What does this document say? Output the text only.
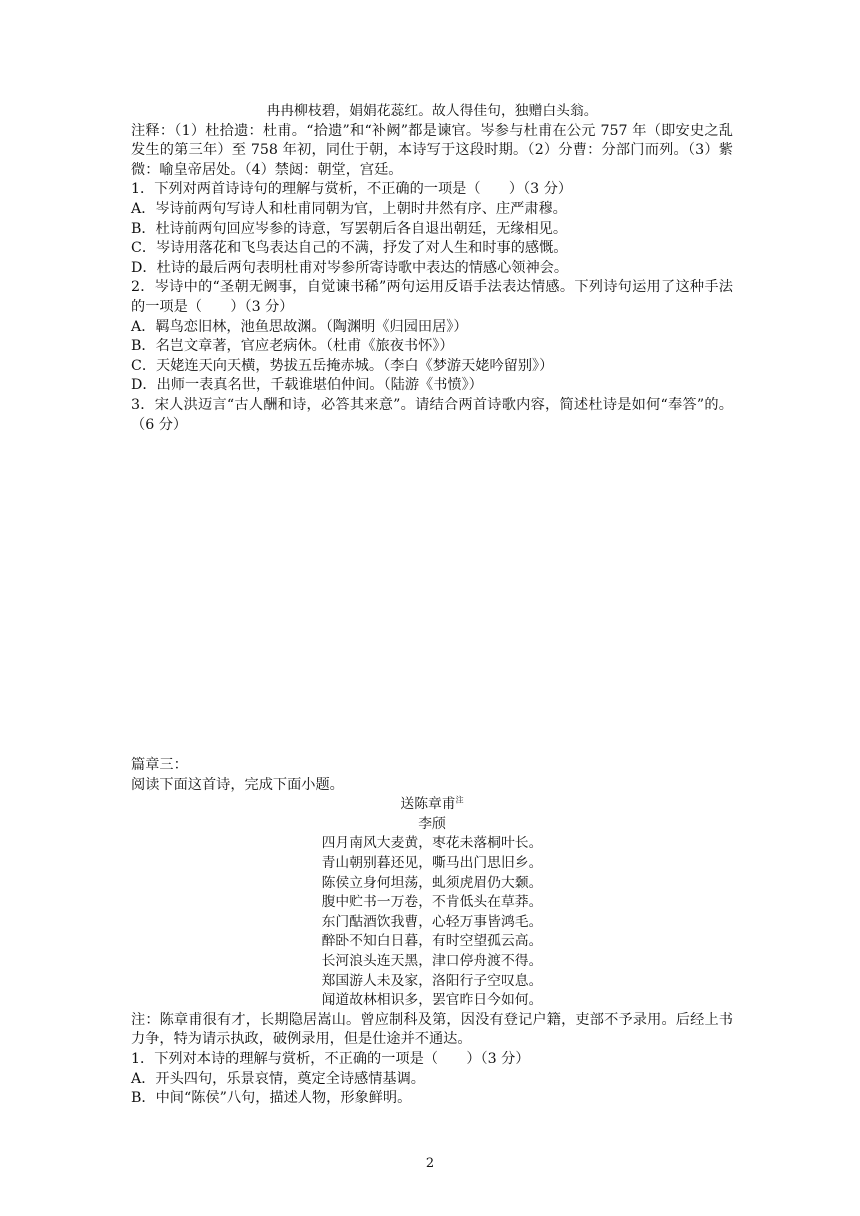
冉冉柳枝碧，娟娟花蕊红。故人得佳句，独赠白头翁。
注释：（1）杜拾遗：杜甫。“拾遗”和“补阙”都是谏官。岑参与杜甫在公元 757 年（即安史之乱发生的第三年）至 758 年初，同仕于朝，本诗写于这段时期。（2）分曹：分部门而列。（3）紫微：喻皇帝居处。（4）禁闼：朝堂，宫廷。
1．下列对两首诗诗句的理解与赏析，不正确的一项是（　　）（3 分）
A．岑诗前两句写诗人和杜甫同朝为官，上朝时井然有序、庄严肃穆。
B．杜诗前两句回应岑参的诗意，写罢朝后各自退出朝廷，无缘相见。
C．岑诗用落花和飞鸟表达自己的不满，抒发了对人生和时事的感慨。
D．杜诗的最后两句表明杜甫对岑参所寄诗歌中表达的情感心领神会。
2．岑诗中的“圣朝无阙事，自觉谏书稀”两句运用反语手法表达情感。下列诗句运用了这种手法的一项是（　　）（3 分）
A．羁鸟恋旧林，池鱼思故渊。（陶渊明《归园田居》）
B．名岂文章著，官应老病休。（杜甫《旅夜书怀》）
C．天姥连天向天横，势拔五岳掩赤城。（李白《梦游天姥吟留别》）
D．出师一表真名世，千载谁堪伯仲间。（陆游《书愤》）
3．宋人洪迈言“古人酬和诗，必答其来意”。请结合两首诗歌内容，简述杜诗是如何“奉答”的。（6 分）
篇章三：
阅读下面这首诗，完成下面小题。
送陈章甫$^注$
李颀
四月南风大麦黄，枣花未落桐叶长。
青山朝别暮还见，嘶马出门思旧乡。
陈侯立身何坦荡，虬须虎眉仍大颡。
腹中贮书一万卷，不肯低头在草莽。
东门酤酒饮我曹，心轻万事皆鸿毛。
醉卧不知白日暮，有时空望孤云高。
长河浪头连天黑，津口停舟渡不得。
郑国游人未及家，洛阳行子空叹息。
闻道故林相识多，罢官昨日今如何。
注：陈章甫很有才，长期隐居嵩山。曾应制科及第，因没有登记户籍，吏部不予录用。后经上书力争，特为请示执政，破例录用，但是仕途并不通达。
1．下列对本诗的理解与赏析，不正确的一项是（　　）（3 分）
A．开头四句，乐景哀情，奠定全诗感情基调。
B．中间“陈侯”八句，描述人物，形象鲜明。
2
